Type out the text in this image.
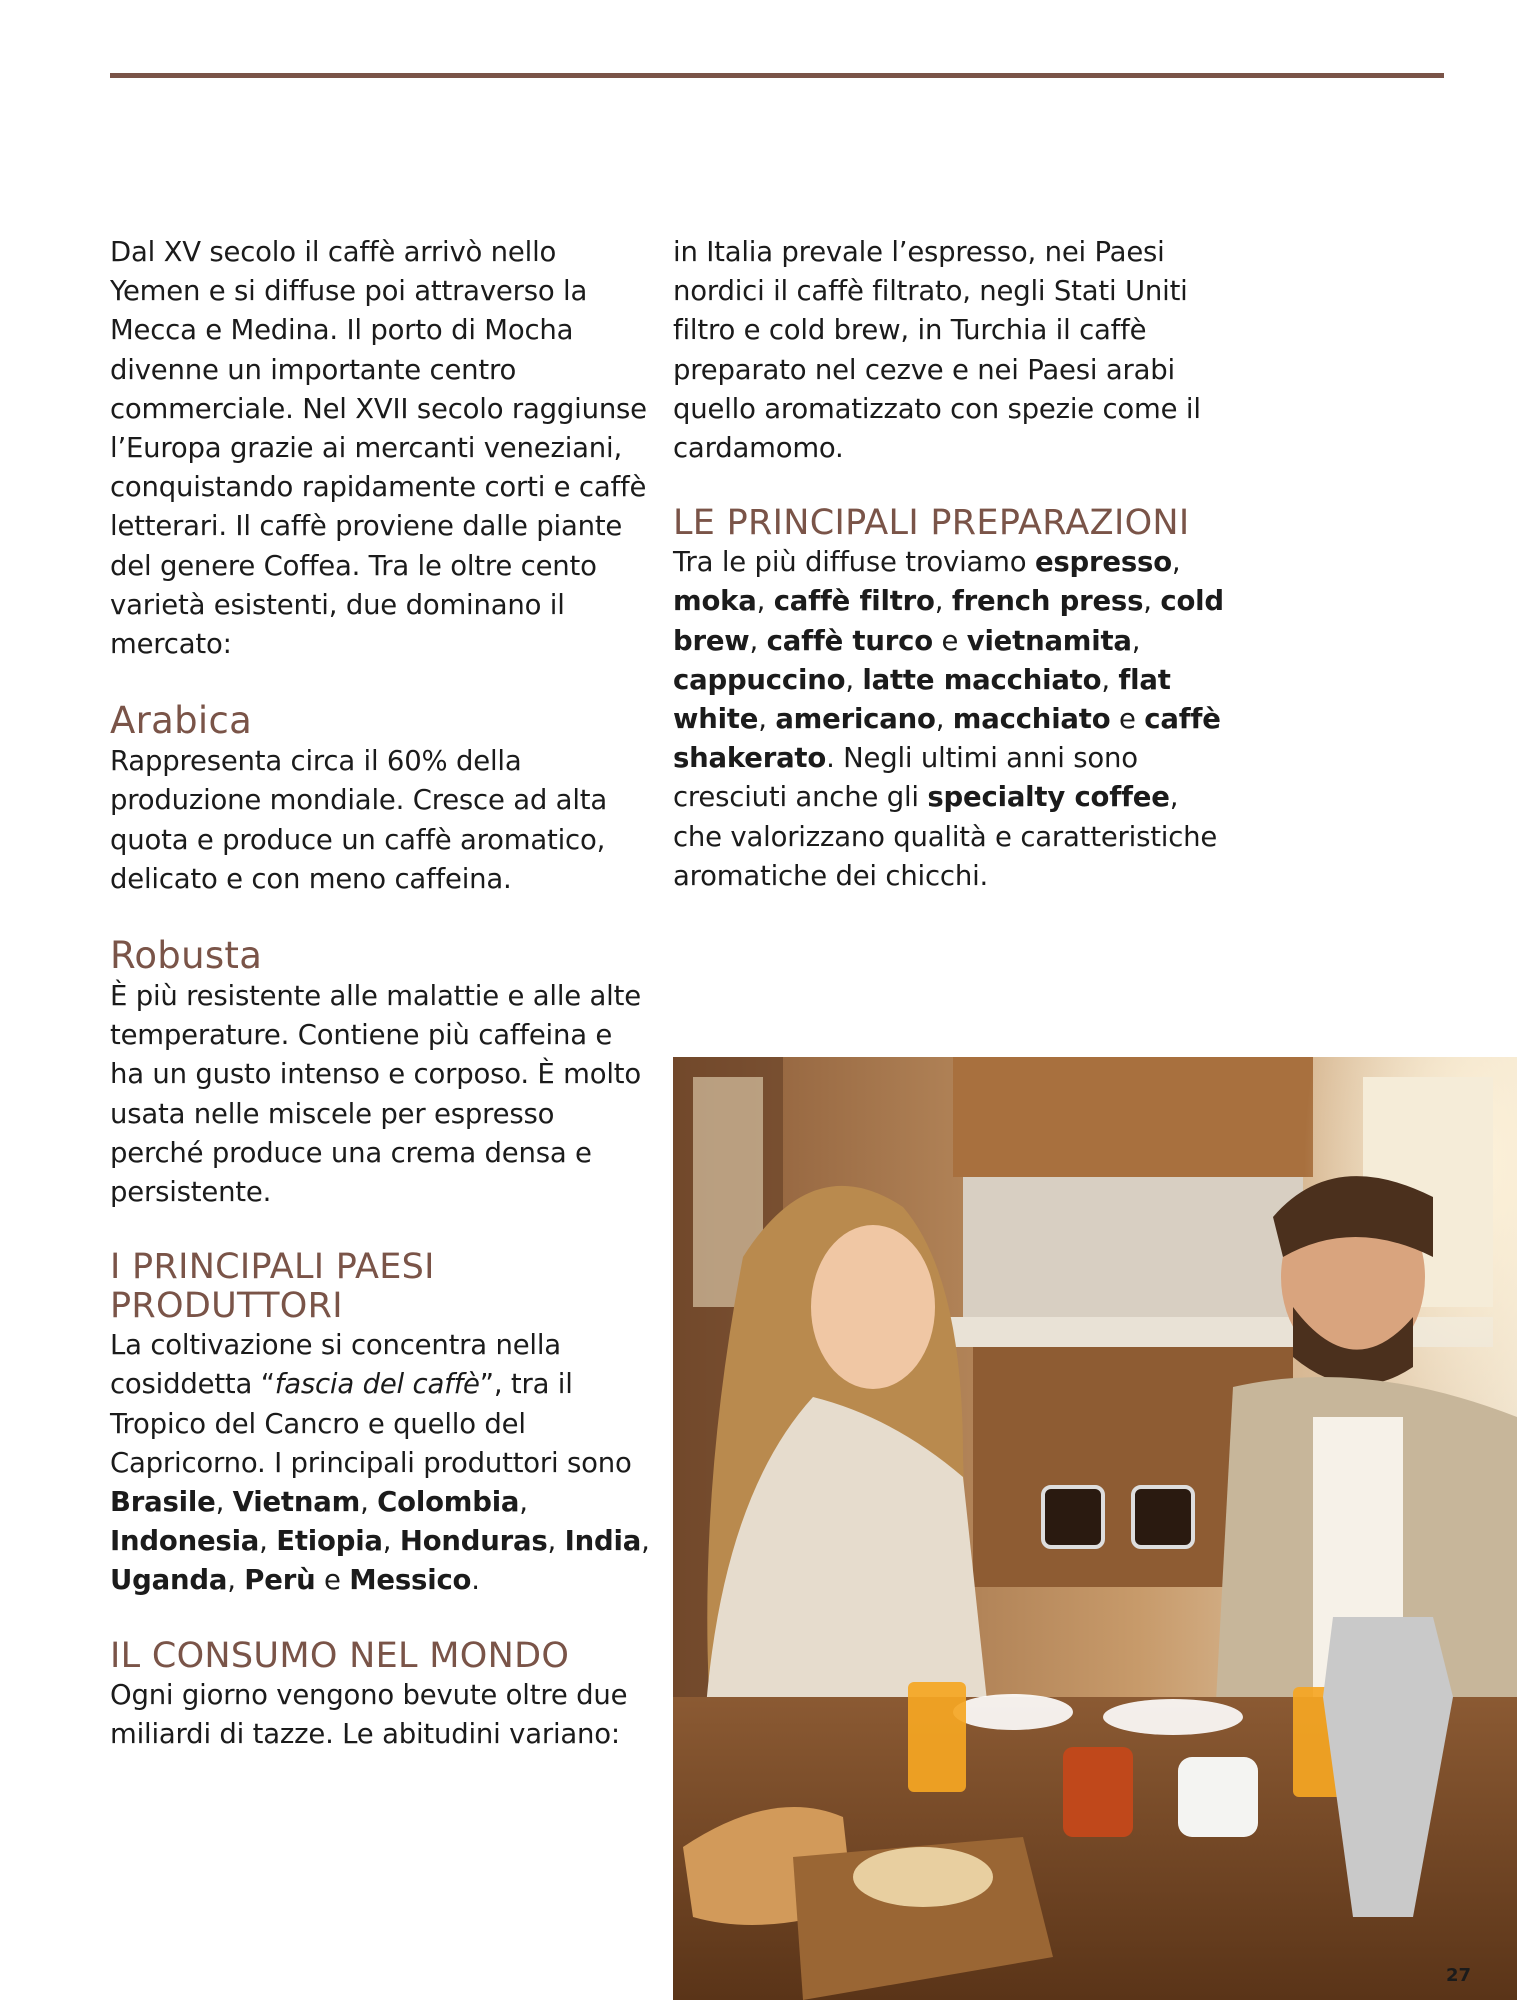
Dal XV secolo il caffè arrivò nello Yemen e si diffuse poi attraverso la Mecca e Medina. Il porto di Mocha divenne un importante centro commerciale. Nel XVII secolo raggiunse l’Europa grazie ai mercanti veneziani, conquistando rapidamente corti e caffè letterari. Il caffè proviene dalle piante del genere Coffea. Tra le oltre cento varietà esistenti, due dominano il mercato:

Arabica

Rappresenta circa il 60% della produzione mondiale. Cresce ad alta quota e produce un caffè aromatico, delicato e con meno caffeina.

Robusta

È più resistente alle malattie e alle alte temperature. Contiene più caffeina e ha un gusto intenso e corposo. È molto usata nelle miscele per espresso perché produce una crema densa e persistente.

I PRINCIPALI PAESI PRODUTTORI

La coltivazione si concentra nella cosiddetta “fascia del caffè”, tra il Tropico del Cancro e quello del Capricorno. I principali produttori sono Brasile, Vietnam, Colombia, Indonesia, Etiopia, Honduras, India, Uganda, Perù e Messico.

IL CONSUMO NEL MONDO

Ogni giorno vengono bevute oltre due miliardi di tazze. Le abitudini variano:

in Italia prevale l’espresso, nei Paesi nordici il caffè filtrato, negli Stati Uniti filtro e cold brew, in Turchia il caffè preparato nel cezve e nei Paesi arabi quello aromatizzato con spezie come il cardamomo.

LE PRINCIPALI PREPARAZIONI

Tra le più diffuse troviamo espresso, moka, caffè filtro, french press, cold brew, caffè turco e vietnamita, cappuccino, latte macchiato, flat white, americano, macchiato e caffè shakerato. Negli ultimi anni sono cresciuti anche gli specialty coffee, che valorizzano qualità e caratteristiche aromatiche dei chicchi.

27
